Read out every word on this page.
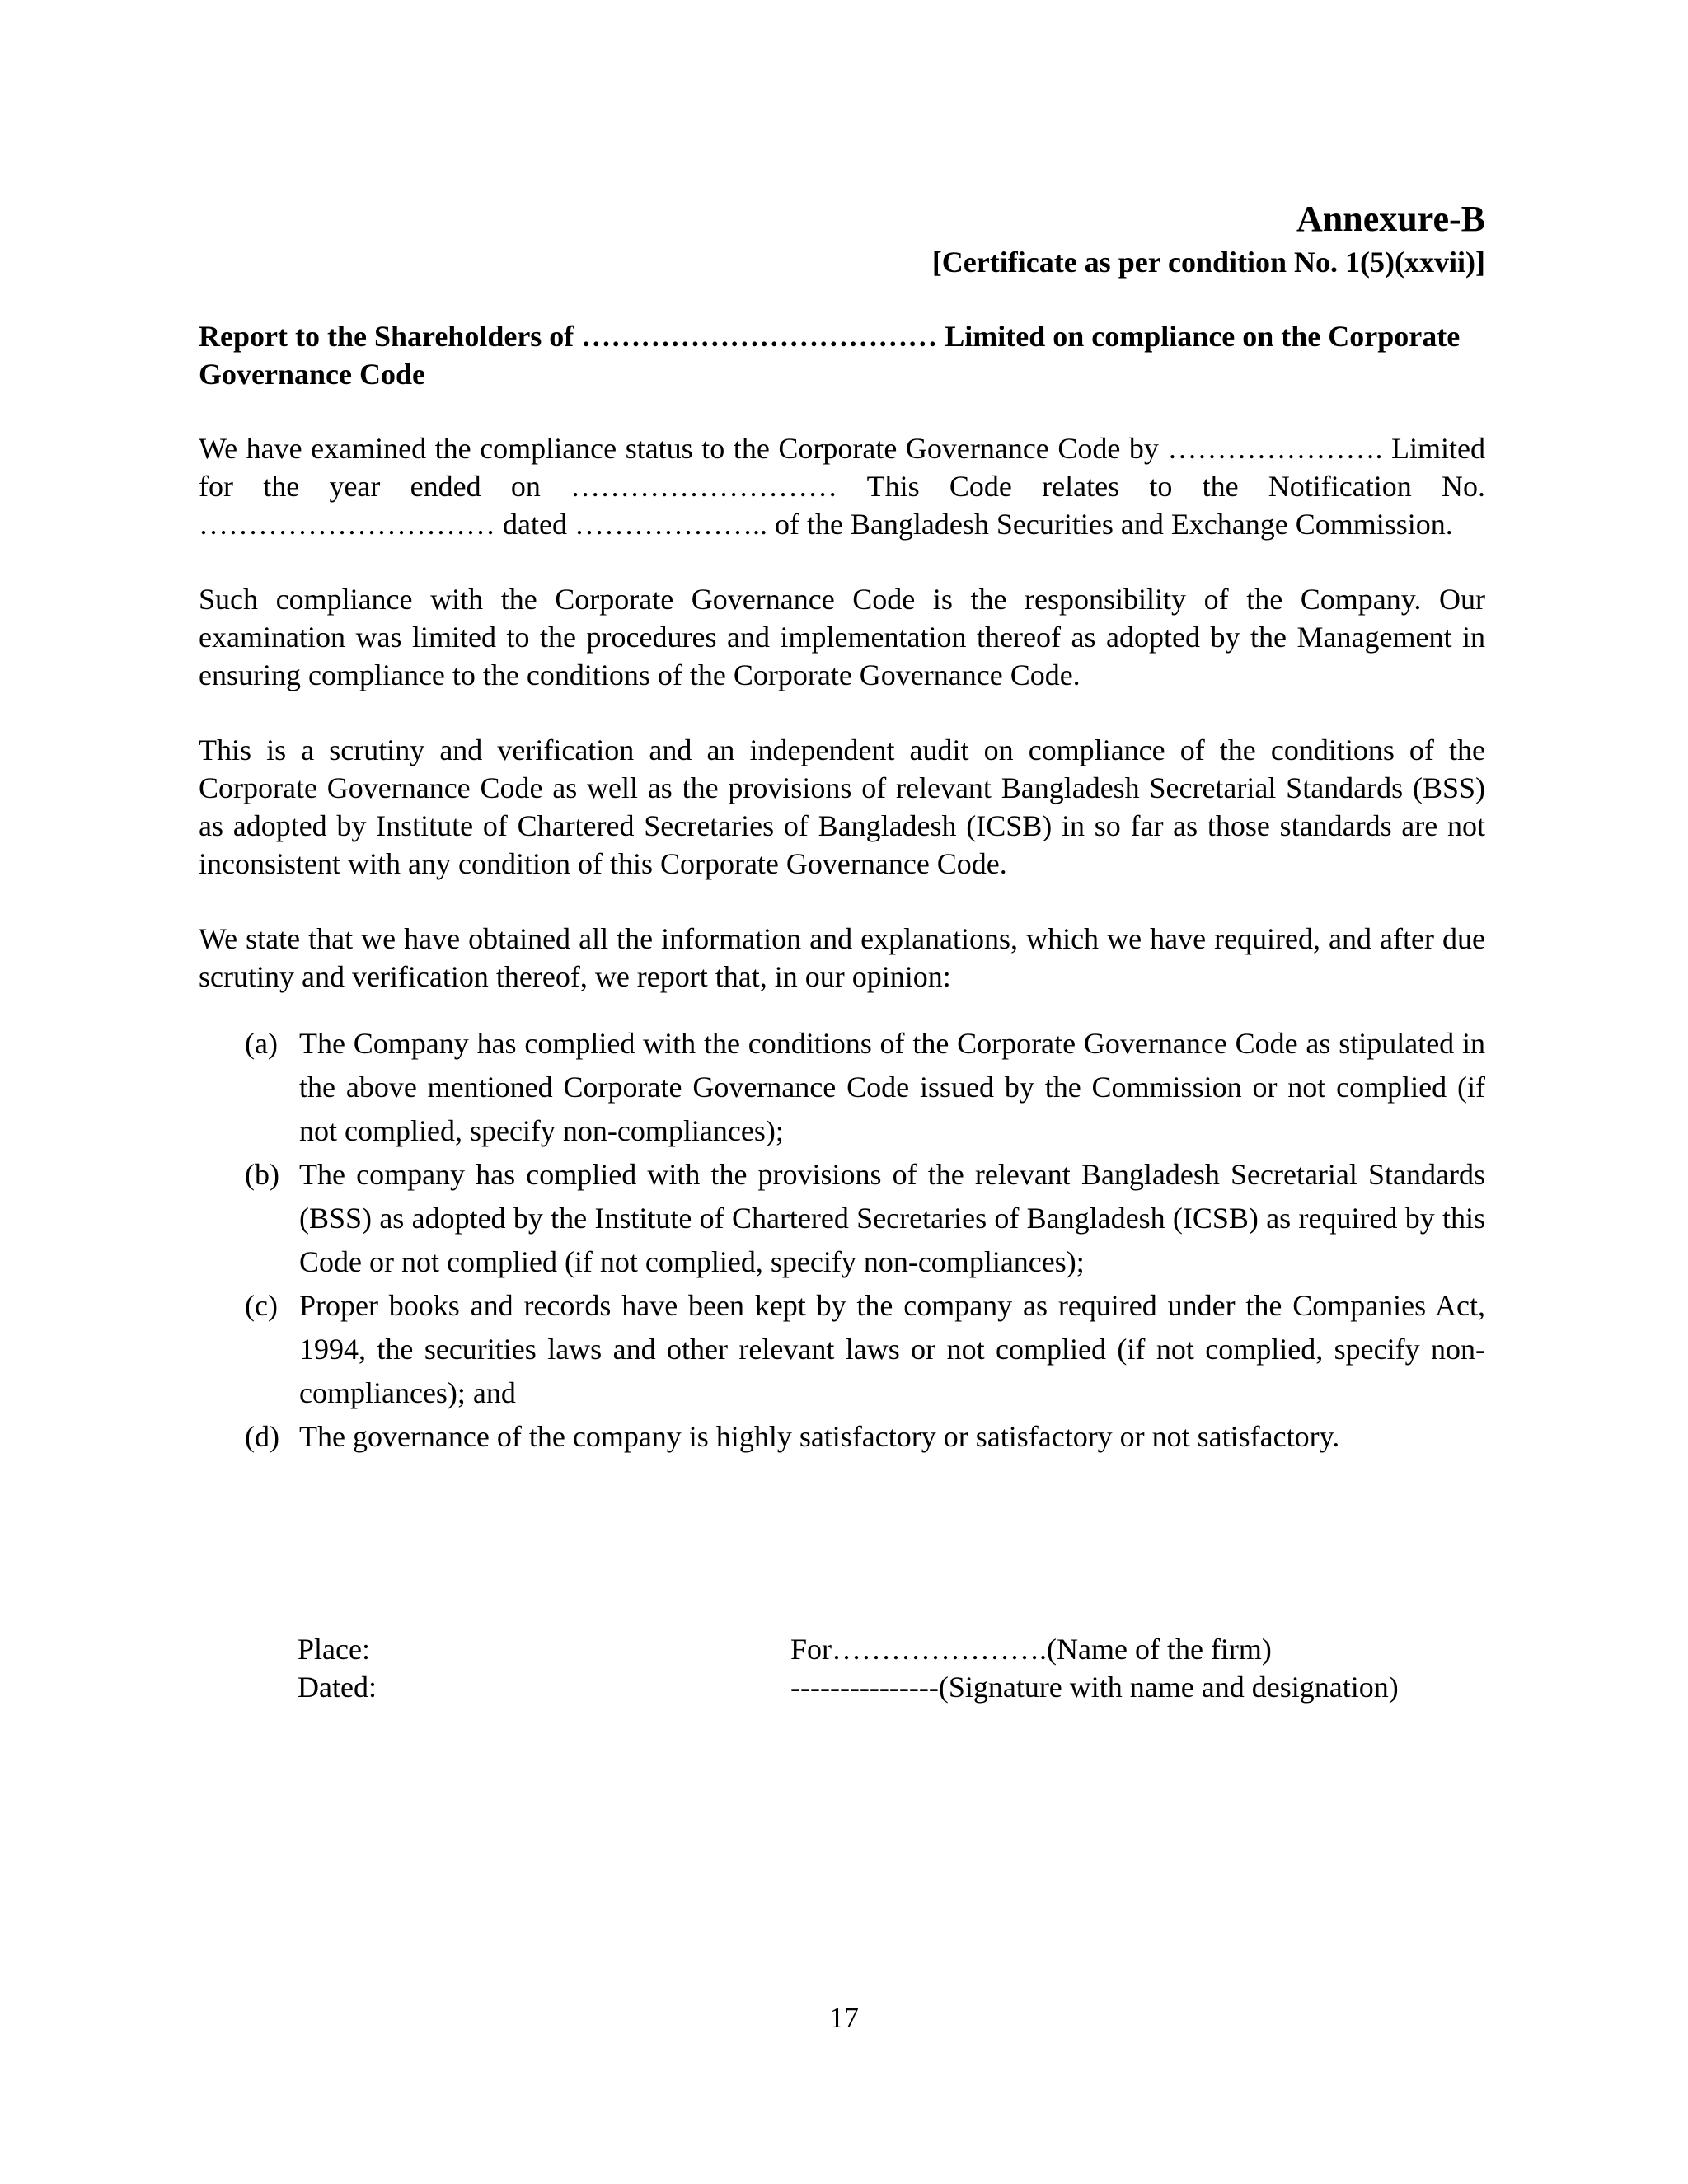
Annexure-B
[Certificate as per condition No. 1(5)(xxvii)]

Report to the Shareholders of ……………………………… Limited on compliance on the Corporate Governance Code

We have examined the compliance status to the Corporate Governance Code by …………………. Limited for the year ended on ……………………… This Code relates to the Notification No. ………………………… dated ……………….. of the Bangladesh Securities and Exchange Commission.

Such compliance with the Corporate Governance Code is the responsibility of the Company. Our examination was limited to the procedures and implementation thereof as adopted by the Management in ensuring compliance to the conditions of the Corporate Governance Code.

This is a scrutiny and verification and an independent audit on compliance of the conditions of the Corporate Governance Code as well as the provisions of relevant Bangladesh Secretarial Standards (BSS) as adopted by Institute of Chartered Secretaries of Bangladesh (ICSB) in so far as those standards are not inconsistent with any condition of this Corporate Governance Code.

We state that we have obtained all the information and explanations, which we have required, and after due scrutiny and verification thereof, we report that, in our opinion:

(a) The Company has complied with the conditions of the Corporate Governance Code as stipulated in the above mentioned Corporate Governance Code issued by the Commission or not complied (if not complied, specify non-compliances);
(b) The company has complied with the provisions of the relevant Bangladesh Secretarial Standards (BSS) as adopted by the Institute of Chartered Secretaries of Bangladesh (ICSB) as required by this Code or not complied (if not complied, specify non-compliances);
(c) Proper books and records have been kept by the company as required under the Companies Act, 1994, the securities laws and other relevant laws or not complied (if not complied, specify non-compliances); and
(d) The governance of the company is highly satisfactory or satisfactory or not satisfactory.
Place:	For………………….(Name of the firm)
Dated:	---------------(Signature with name and designation)
17
